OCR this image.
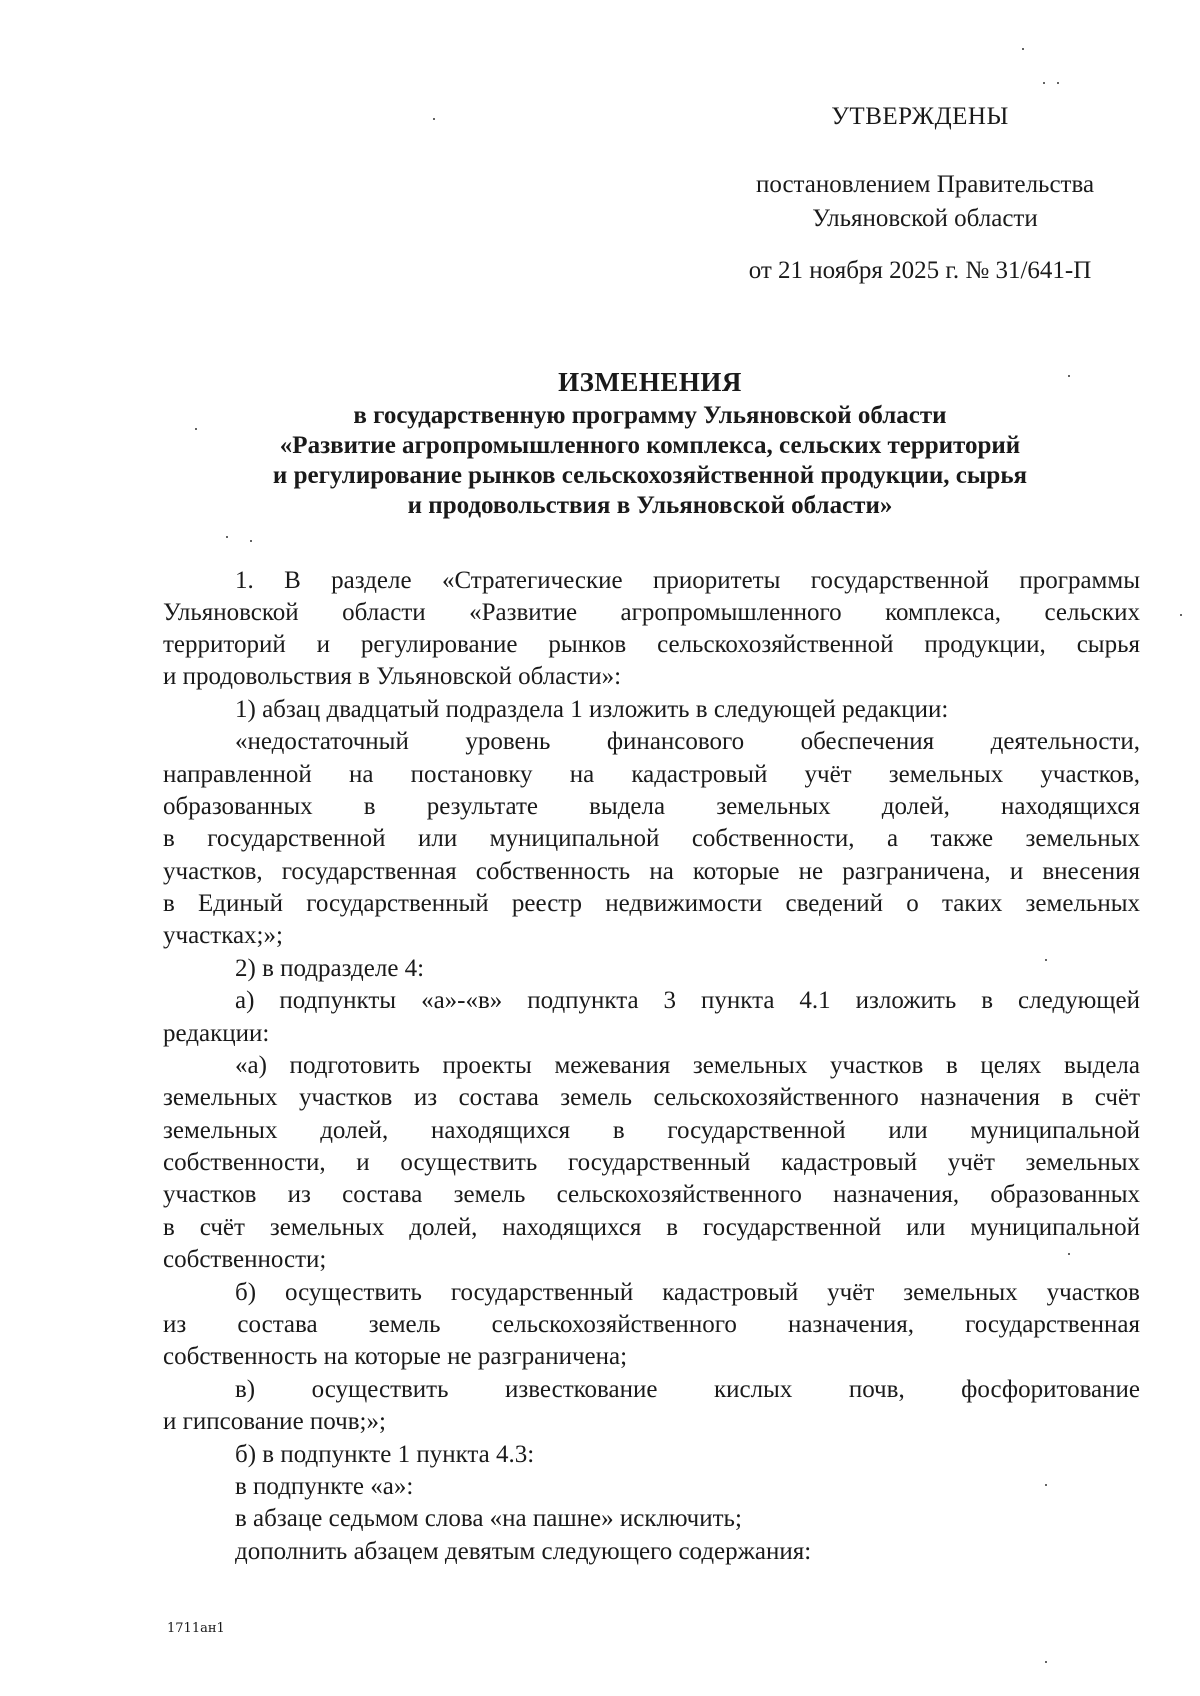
УТВЕРЖДЕНЫ
постановлением Правительства
Ульяновской области
от 21 ноября 2025 г. № 31/641-П
ИЗМЕНЕНИЯ
в государственную программу Ульяновской области
«Развитие агропромышленного комплекса, сельских территорий
и регулирование рынков сельскохозяйственной продукции, сырья
и продовольствия в Ульяновской области»
1. В разделе «Стратегические приоритеты государственной программы
Ульяновской области «Развитие агропромышленного комплекса, сельских
территорий и регулирование рынков сельскохозяйственной продукции, сырья
и продовольствия в Ульяновской области»:
1) абзац двадцатый подраздела 1 изложить в следующей редакции:
«недостаточный уровень финансового обеспечения деятельности,
направленной на постановку на кадастровый учёт земельных участков,
образованных в результате выдела земельных долей, находящихся
в государственной или муниципальной собственности, а также земельных
участков, государственная собственность на которые не разграничена, и внесения
в Единый государственный реестр недвижимости сведений о таких земельных
участках;»;
2) в подразделе 4:
а) подпункты «а»-«в» подпункта 3 пункта 4.1 изложить в следующей
редакции:
«а) подготовить проекты межевания земельных участков в целях выдела
земельных участков из состава земель сельскохозяйственного назначения в счёт
земельных долей, находящихся в государственной или муниципальной
собственности, и осуществить государственный кадастровый учёт земельных
участков из состава земель сельскохозяйственного назначения, образованных
в счёт земельных долей, находящихся в государственной или муниципальной
собственности;
б) осуществить государственный кадастровый учёт земельных участков
из состава земель сельскохозяйственного назначения, государственная
собственность на которые не разграничена;
в) осуществить известкование кислых почв, фосфоритование
и гипсование почв;»;
б) в подпункте 1 пункта 4.3:
в подпункте «а»:
в абзаце седьмом слова «на пашне» исключить;
дополнить абзацем девятым следующего содержания:
1711ан1
